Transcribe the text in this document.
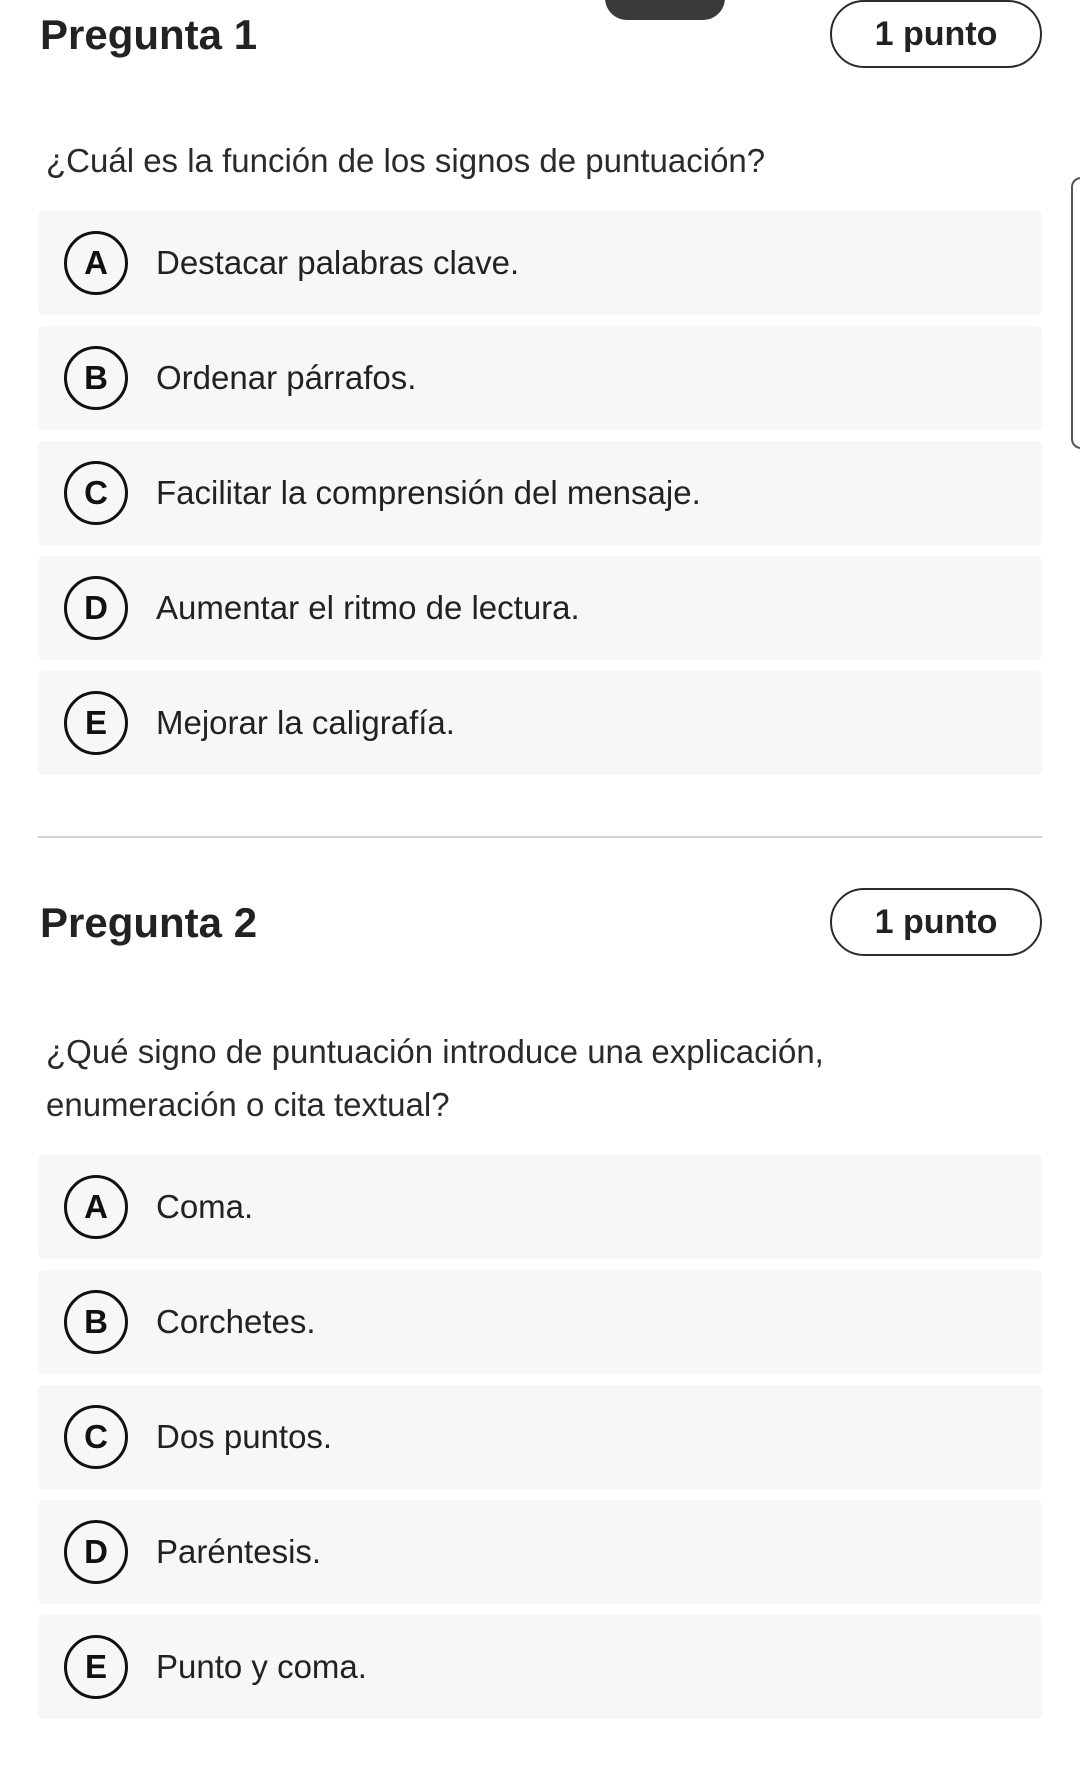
Pregunta 1	1 punto
¿Cuál es la función de los signos de puntuación?
A	Destacar palabras clave.
B	Ordenar párrafos.
C	Facilitar la comprensión del mensaje.
D	Aumentar el ritmo de lectura.
E	Mejorar la caligrafía.
Pregunta 2	1 punto
¿Qué signo de puntuación introduce una explicación,
enumeración o cita textual?
A	Coma.
B	Corchetes.
C	Dos puntos.
D	Paréntesis.
E	Punto y coma.
